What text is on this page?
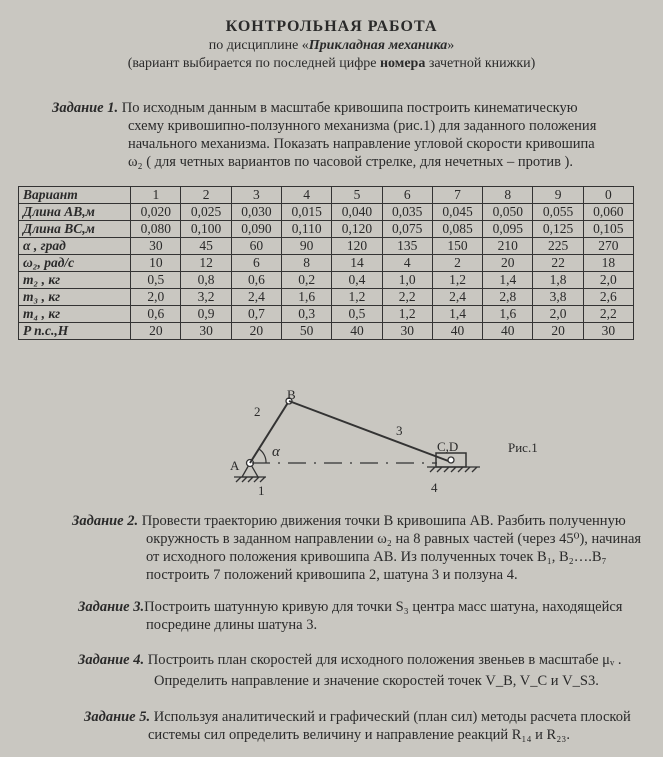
КОНТРОЛЬНАЯ РАБОТА
по дисциплине «Прикладная механика»
(вариант выбирается по последней цифре номера зачетной книжки)
Задание 1. По исходным данным в масштабе кривошипа построить кинематическую
схему кривошипно-ползунного механизма (рис.1) для заданного положения
начального механизма. Показать направление угловой скорости кривошипа
ω₂ ( для четных вариантов по часовой стрелке, для нечетных – против ).
Вариант	1	2	3	4	5	6	7	8	9	0
Длина AB,м	0,020	0,025	0,030	0,015	0,040	0,035	0,045	0,050	0,055	0,060
Длина BC,м	0,080	0,100	0,090	0,110	0,120	0,075	0,085	0,095	0,125	0,105
α , град	30	45	60	90	120	135	150	210	225	270
ω₂, рад/с	10	12	6	8	14	4	2	20	22	18
m₂ , кг	0,5	0,8	0,6	0,2	0,4	1,0	1,2	1,4	1,8	2,0
m₃ , кг	2,0	3,2	2,4	1,6	1,2	2,2	2,4	2,8	3,8	2,6
m₄ , кг	0,6	0,9	0,7	0,3	0,5	1,2	1,4	1,6	2,0	2,2
P п.с.,Н	20	30	20	50	40	30	40	40	20	30
A
B
C,D
1
2
3
4
α	Рис.1
Задание 2. Провести траекторию движения точки B кривошипа AB. Разбить полученную
окружность в заданном направлении ω₂ на 8 равных частей (через 45⁰), начиная
от исходного положения кривошипа AB. Из полученных точек B₁, B₂….B₇
построить 7 положений кривошипа 2, шатуна 3 и ползуна 4.
Задание 3.Построить шатунную кривую для точки S₃ центра масс шатуна, находящейся
посредине длины шатуна 3.
Задание 4. Построить план скоростей для исходного положения звеньев в масштабе μᵥ .
Определить направление и значение скоростей точек V_B, V_C и V_S3.
Задание 5. Используя аналитический и графический (план сил) методы расчета плоской
системы сил определить величину и направление реакций R₁₄ и R₂₃.
